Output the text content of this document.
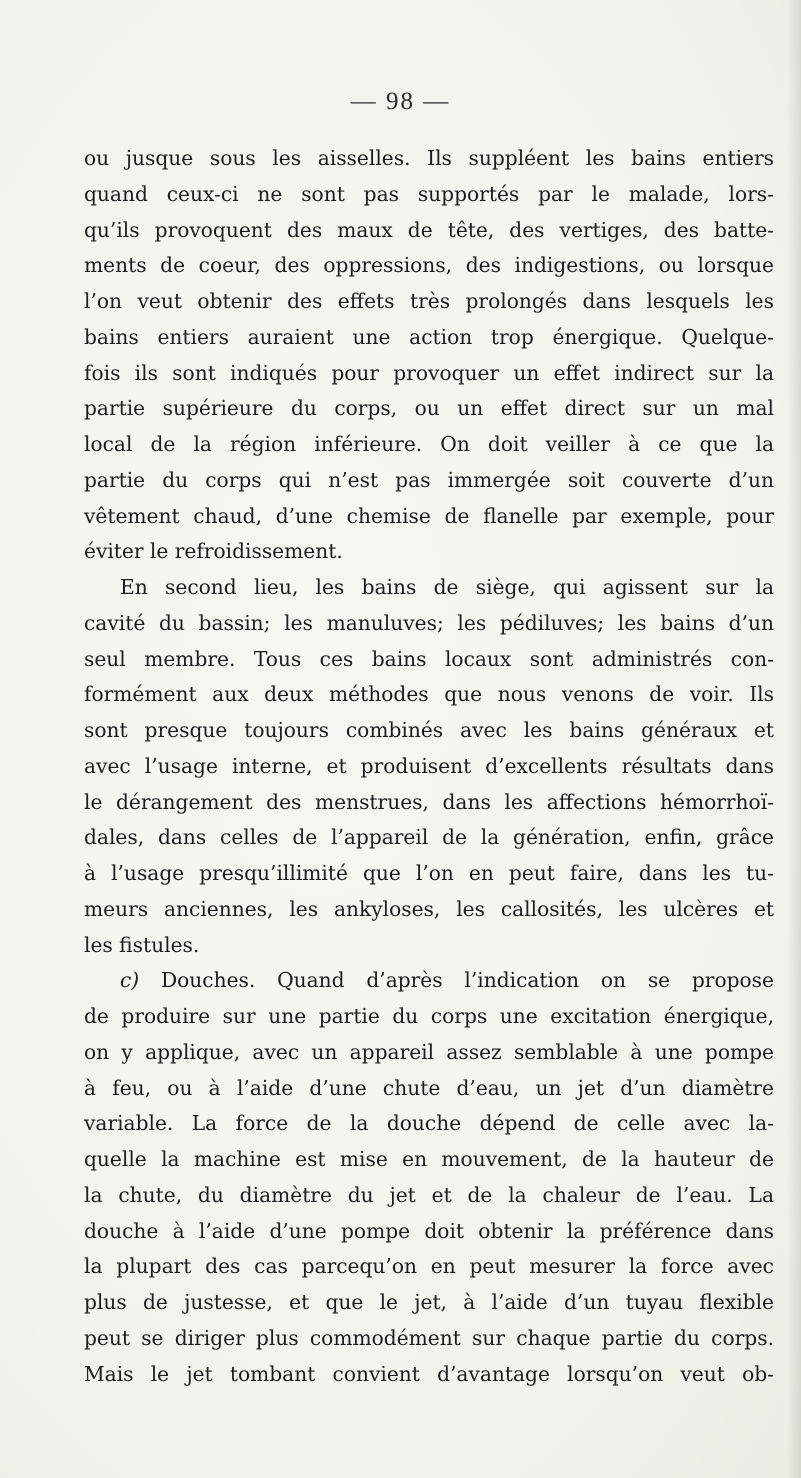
— 98 —
ou jusque sous les aisselles. Ils suppléent les bains entiers
quand ceux-ci ne sont pas supportés par le malade, lors-
qu’ils provoquent des maux de tête, des vertiges, des batte-
ments de coeur, des oppressions, des indigestions, ou lorsque
l’on veut obtenir des effets très prolongés dans lesquels les
bains entiers auraient une action trop énergique. Quelque-
fois ils sont indiqués pour provoquer un effet indirect sur la
partie supérieure du corps, ou un effet direct sur un mal
local de la région inférieure. On doit veiller à ce que la
partie du corps qui n’est pas immergée soit couverte d’un
vêtement chaud, d’une chemise de flanelle par exemple, pour
éviter le refroidissement.
En second lieu, les bains de siège, qui agissent sur la
cavité du bassin; les manuluves; les pédiluves; les bains d’un
seul membre. Tous ces bains locaux sont administrés con-
formément aux deux méthodes que nous venons de voir. Ils
sont presque toujours combinés avec les bains généraux et
avec l’usage interne, et produisent d’excellents résultats dans
le dérangement des menstrues, dans les affections hémorrhoï-
dales, dans celles de l’appareil de la génération, enfin, grâce
à l’usage presqu’illimité que l’on en peut faire, dans les tu-
meurs anciennes, les ankyloses, les callosités, les ulcères et
les fistules.
c) Douches. Quand d’après l’indication on se propose
de produire sur une partie du corps une excitation énergique,
on y applique, avec un appareil assez semblable à une pompe
à feu, ou à l’aide d’une chute d’eau, un jet d’un diamètre
variable. La force de la douche dépend de celle avec la-
quelle la machine est mise en mouvement, de la hauteur de
la chute, du diamètre du jet et de la chaleur de l’eau. La
douche à l’aide d’une pompe doit obtenir la préférence dans
la plupart des cas parcequ’on en peut mesurer la force avec
plus de justesse, et que le jet, à l’aide d’un tuyau flexible
peut se diriger plus commodément sur chaque partie du corps.
Mais le jet tombant convient d’avantage lorsqu’on veut ob-
